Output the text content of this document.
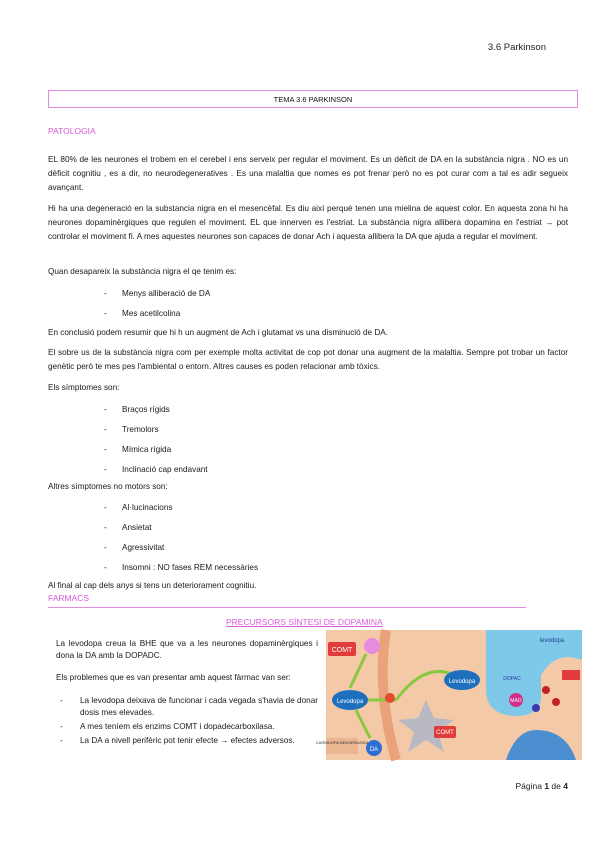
3.6 Parkinson
TEMA 3.6 PARKINSON
PATOLOGIA
EL 80% de les neurones el trobem en el cerebel i ens serveix per regular el moviment. Es un dèficit de DA en la substància nigra . NO es un dèficit cognitiu , es a dir, no neurodegeneratives . Es una malaltia que nomes es pot frenar però no es pot curar com a tal es adir segueix avançant.
Hi ha una degeneració en la substancia nigra en el mesencèfal. Es diu així perquè tenen una mielina de aquest color. En aquesta zona hi ha neurones dopaminèrgiques que regulen el moviment. EL que innerven es l'estriat. La substància nigra allibera dopamina en l'estriat → pot controlar el moviment fi. A mes aquestes neurones son capaces de donar Ach i aquesta allibera la DA que ajuda a regular el moviment.
Quan desapareix la substància nigra el qe tenim es:
- Menys alliberació de DA
- Mes acetilcolina
En conclusió podem resumir que hi h un augment de Ach i glutamat vs una disminució de DA.
El sobre us de la substància nigra com per exemple molta activitat de cop pot donar una augment de la malaltia. Sempre pot trobar un factor genètic però te mes pes l'ambiental o entorn. Altres causes es poden relacionar amb tòxics.
Els símptomes son:
- Braços rígids
- Tremolors
- Mímica rígida
- Inclinació cap endavant
Altres símptomes no motors son:
- Al·lucinacions
- Ansietat
- Agressivitat
- Insomni : NO fases REM necessàries
Al final al cap dels anys si tens un deteriorament cognitiu.
FARMACS
PRECURSORS SÍNTESI DE DOPAMINA
La levodopa creua la BHE que va a les neurones dopaminèrgiques i dona la DA amb la DOPADC.
Els problemes que es van presentar amb aquest fàrmac van ser:
- La levodopa deixava de funcionar i cada vegada s'havia de donar dosis mes elevades.
- A mes teníem els enzims COMT i dopadecarboxilasa.
- La DA a nivell perifèric pot tenir efecte → efectes adversos.
COMT
Levodopa
DA
CARBIDOPA BENSERAZIDA
Levodopa
COMT
levodopa
DOPAC
MAO
Página 1 de 4
